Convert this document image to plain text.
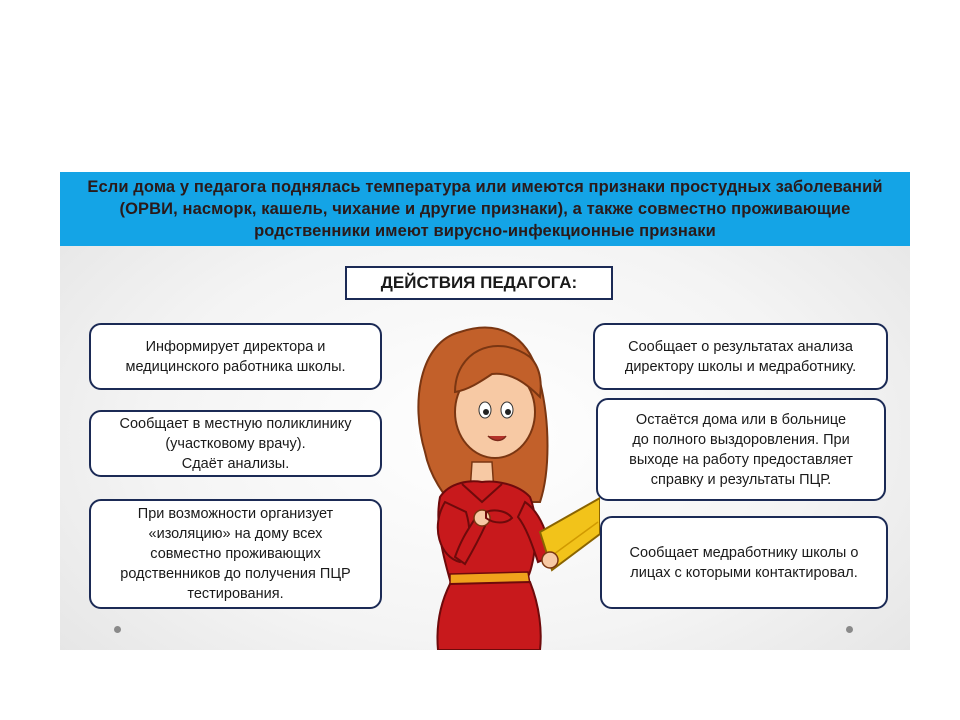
Если дома у педагога поднялась температура или имеются признаки простудных заболеваний (ОРВИ, насморк, кашель, чихание и другие признаки), а также совместно проживающие родственники имеют вирусно-инфекционные признаки
ДЕЙСТВИЯ ПЕДАГОГА:
Информирует директора и
медицинского работника школы.
Сообщает в местную поликлинику
(участковому врачу).
Сдаёт анализы.
При возможности организует
«изоляцию» на дому всех
совместно проживающих
родственников до получения ПЦР
тестирования.
Сообщает о результатах анализа
директору школы и медработнику.
Остаётся дома или в больнице
до полного выздоровления. При
выходе на работу предоставляет
справку и результаты ПЦР.
Сообщает медработнику школы о
лицах с которыми контактировал.
